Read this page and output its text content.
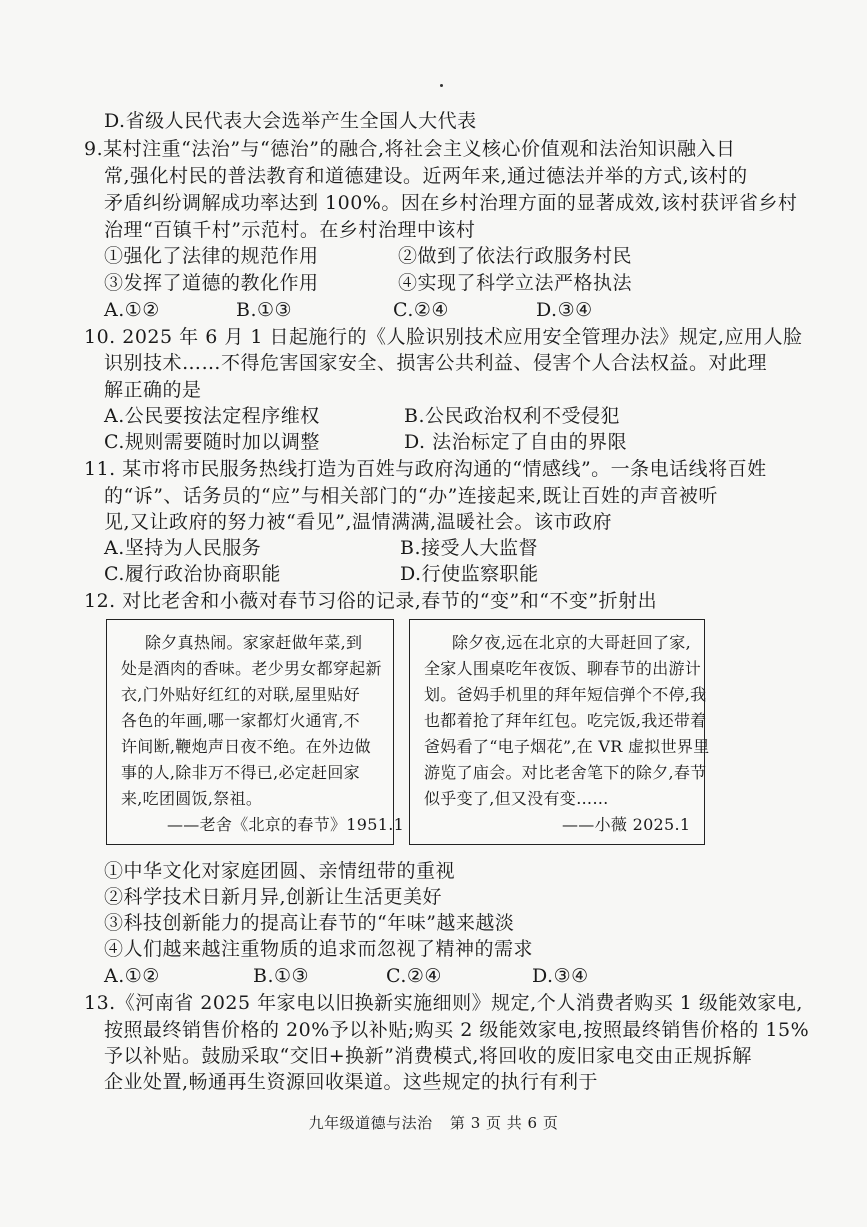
D.省级人民代表大会选举产生全国人大代表
9.某村注重“法治”与“德治”的融合,将社会主义核心价值观和法治知识融入日
常,强化村民的普法教育和道德建设。近两年来,通过德法并举的方式,该村的
矛盾纠纷调解成功率达到 100%。因在乡村治理方面的显著成效,该村获评省乡村
治理“百镇千村”示范村。在乡村治理中该村
①强化了法律的规范作用	②做到了依法行政服务村民
③发挥了道德的教化作用	④实现了科学立法严格执法
A.①②	B.①③	C.②④	D.③④
10. 2025 年 6 月 1 日起施行的《人脸识别技术应用安全管理办法》规定,应用人脸
识别技术……不得危害国家安全、损害公共利益、侵害个人合法权益。对此理
解正确的是
A.公民要按法定程序维权	B.公民政治权利不受侵犯
C.规则需要随时加以调整	D. 法治标定了自由的界限
11. 某市将市民服务热线打造为百姓与政府沟通的“情感线”。一条电话线将百姓
的“诉”、话务员的“应”与相关部门的“办”连接起来,既让百姓的声音被听
见,又让政府的努力被“看见”,温情满满,温暖社会。该市政府
A.坚持为人民服务	B.接受人大监督
C.履行政治协商职能	D.行使监察职能
12. 对比老舍和小薇对春节习俗的记录,春节的“变”和“不变”折射出
除夕真热闹。家家赶做年菜,到
处是酒肉的香味。老少男女都穿起新
衣,门外贴好红红的对联,屋里贴好
各色的年画,哪一家都灯火通宵,不
许间断,鞭炮声日夜不绝。在外边做
事的人,除非万不得已,必定赶回家
来,吃团圆饭,祭祖。
——老舍《北京的春节》1951.1
除夕夜,远在北京的大哥赶回了家,
全家人围桌吃年夜饭、聊春节的出游计
划。爸妈手机里的拜年短信弹个不停,我
也都着抢了拜年红包。吃完饭,我还带着
爸妈看了“电子烟花”,在 VR 虚拟世界里
游览了庙会。对比老舍笔下的除夕,春节
似乎变了,但又没有变……
——小薇 2025.1
①中华文化对家庭团圆、亲情纽带的重视
②科学技术日新月异,创新让生活更美好
③科技创新能力的提高让春节的“年味”越来越淡
④人们越来越注重物质的追求而忽视了精神的需求
A.①②	B.①③	C.②④	D.③④
13.《河南省 2025 年家电以旧换新实施细则》规定,个人消费者购买 1 级能效家电,
按照最终销售价格的 20%予以补贴;购买 2 级能效家电,按照最终销售价格的 15%
予以补贴。鼓励采取“交旧+换新”消费模式,将回收的废旧家电交由正规拆解
企业处置,畅通再生资源回收渠道。这些规定的执行有利于
九年级道德与法治 第 3 页 共 6 页
